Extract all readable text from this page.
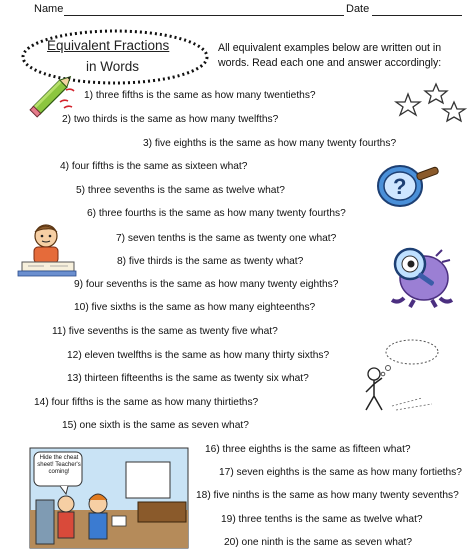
Name	Date
Equivalent Fractions
in Words
All equivalent examples below are written out in
words. Read each one and answer accordingly:
?
Hide the cheat sheet! Teacher's coming!
1) three fifths is the same as how many twentieths?
2) two thirds is the same as how many twelfths?
3) five eighths is the same as how many twenty fourths?
4) four fifths is the same as sixteen what?
5) three sevenths is the same as twelve what?
6) three fourths is the same as how many twenty fourths?
7) seven tenths is the same as twenty one what?
8) five thirds is the same as twenty what?
9) four sevenths is the same as how many twenty eighths?
10) five sixths is the same as how many eighteenths?
11) five sevenths is the same as twenty five what?
12) eleven twelfths is the same as how many thirty sixths?
13) thirteen fifteenths is the same as twenty six what?
14) four fifths is the same as how many thirtieths?
15) one sixth is the same as seven what?
16) three eighths is the same as fifteen what?
17) seven eighths is the same as how many fortieths?
18) five ninths is the same as how many twenty sevenths?
19) three tenths is the same as twelve what?
20) one ninth is the same as seven what?
